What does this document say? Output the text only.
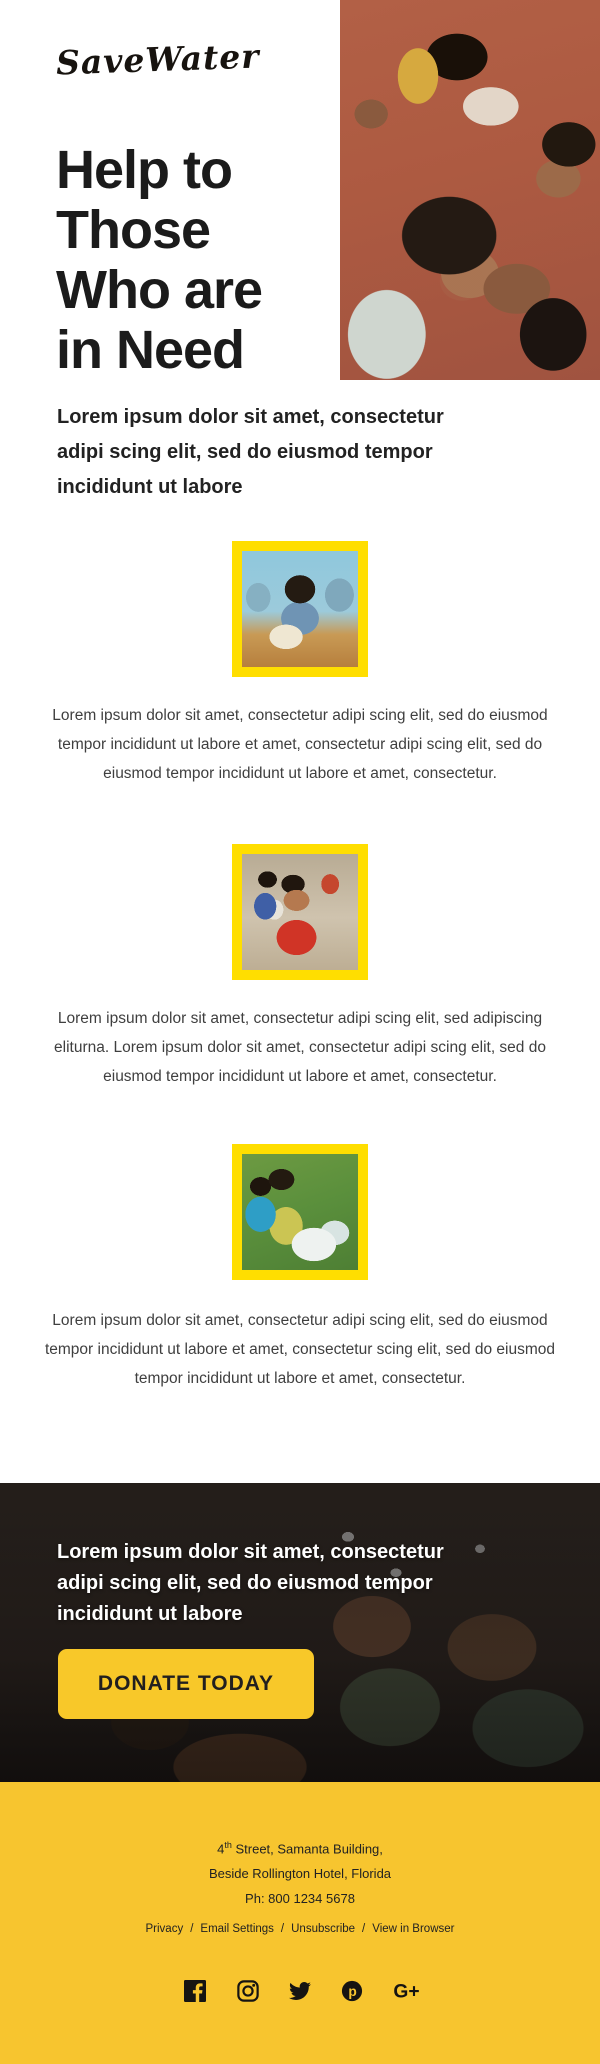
SaveWater
Help to Those Who are in Need

Lorem ipsum dolor sit amet, consectetur adipi scing elit, sed do eiusmod tempor incididunt ut labore

Lorem ipsum dolor sit amet, consectetur adipi scing elit, sed do eiusmod tempor incididunt ut labore et amet, consectetur adipi scing elit, sed do eiusmod tempor incididunt ut labore et amet, consectetur.

Lorem ipsum dolor sit amet, consectetur adipi scing elit, sed adipiscing eliturna. Lorem ipsum dolor sit amet, consectetur adipi scing elit, sed do eiusmod tempor incididunt ut labore et amet, consectetur.

Lorem ipsum dolor sit amet, consectetur adipi scing elit, sed do eiusmod tempor incididunt ut labore et amet, consectetur scing elit, sed do eiusmod tempor incididunt ut labore et amet, consectetur.

Lorem ipsum dolor sit amet, consectetur adipi scing elit, sed do eiusmod tempor incididunt ut labore

DONATE TODAY
4th Street, Samanta Building,
Beside Rollington Hotel, Florida
Ph: 800 1234 5678
Privacy / Email Settings / Unsubscribe / View in Browser

p
G+
